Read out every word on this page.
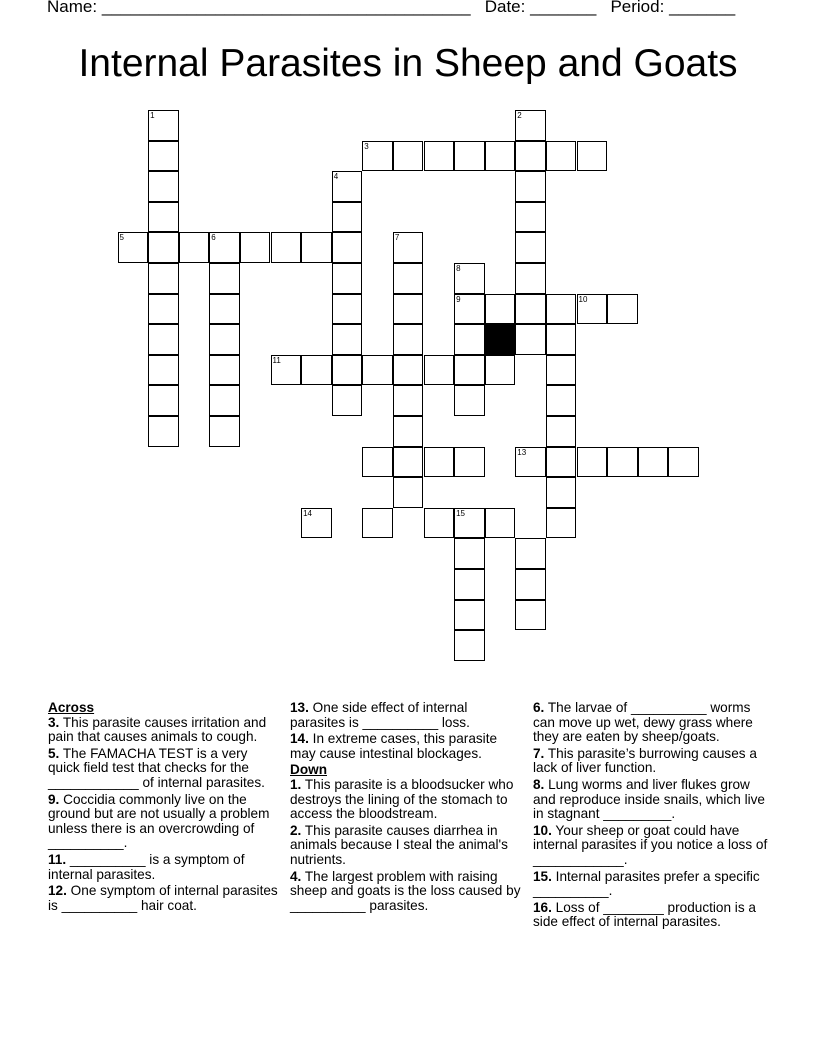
Name: _______________________________________ Date: _______ Period: _______
Internal Parasites in Sheep and Goats
1	2
3
4
5	6	7
8
9	10
11
13
14	15

Across

3. This parasite causes irritation and pain that causes animals to cough.

5. The FAMACHA TEST is a very quick field test that checks for the ____________ of internal parasites.

9. Coccidia commonly live on the ground but are not usually a problem unless there is an overcrowding of __________.

11. __________ is a symptom of internal parasites.

12. One symptom of internal parasites is __________ hair coat.

13. One side effect of internal parasites is __________ loss.

14. In extreme cases, this parasite may cause intestinal blockages.

Down

1. This parasite is a bloodsucker who destroys the lining of the stomach to access the bloodstream.

2. This parasite causes diarrhea in animals because I steal the animal's nutrients.

4. The largest problem with raising sheep and goats is the loss caused by __________ parasites.

6. The larvae of __________ worms can move up wet, dewy grass where they are eaten by sheep/goats.

7. This parasite’s burrowing causes a lack of liver function.

8. Lung worms and liver flukes grow and reproduce inside snails, which live in stagnant _________.

10. Your sheep or goat could have internal parasites if you notice a loss of ____________.

15. Internal parasites prefer a specific __________.

16. Loss of ________ production is a side effect of internal parasites.
